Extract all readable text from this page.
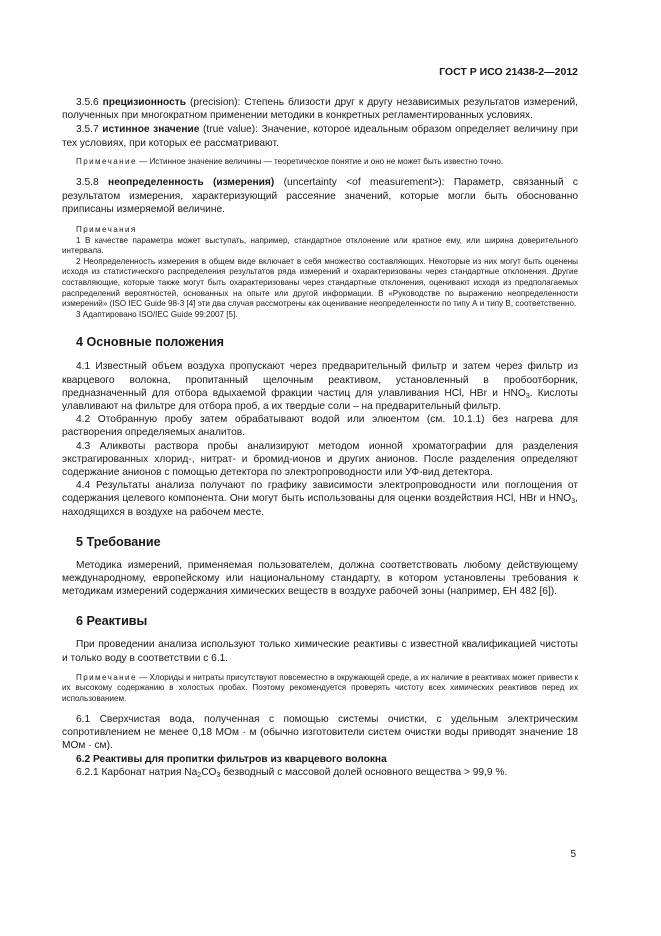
ГОСТ Р ИСО 21438-2—2012

3.5.6 прецизионность (precision): Степень близости друг к другу независимых результатов измерений, полученных при многократном применении методики в конкретных регламентированных условиях.

3.5.7 истинное значение (true value): Значение, которое идеальным образом определяет величину при тех условиях, при которых ее рассматривают.

Примечание — Истинное значение величины — теоретическое понятие и оно не может быть известно точно.

3.5.8 неопределенность (измерения) (uncertainty <of measurement>): Параметр, связанный с результатом измерения, характеризующий рассеяние значений, которые могли быть обоснованно приписаны измеряемой величине.

Примечания

1 В качестве параметра может выступать, например, стандартное отклонение или кратное ему, или ширина доверительного интервала.

2 Неопределенность измерения в общем виде включает в себя множество составляющих. Некоторые из них могут быть оценены исходя из статистического распределения результатов ряда измерений и охарактеризованы через стандартные отклонения. Другие составляющие, которые также могут быть охарактеризованы через стандартные отклонения, оценивают исходя из предполагаемых распределений вероятностей, основанных на опыте или другой информации. В «Руководстве по выражению неопределенности измерений» (ISO IEC Guide 98-3 [4] эти два случая рассмотрены как оценивание неопределенности по типу А и типу В, соответственно.

3 Адаптировано ISO/IEC Guide 99:2007 [5].

4 Основные положения

4.1 Известный объем воздуха пропускают через предварительный фильтр и затем через фильтр из кварцевого волокна, пропитанный щелочным реактивом, установленный в пробоотборник, предназначенный для отбора вдыхаемой фракции частиц для улавливания HCl, HBr и $HNO_3$. Кислоты улавливают на фильтре для отбора проб, а их твердые соли – на предварительный фильтр.

4.2 Отобранную пробу затем обрабатывают водой или элюентом (см. 10.1.1) без нагрева для растворения определяемых аналитов.

4.3 Аликвоты раствора пробы анализируют методом ионной хроматографии для разделения экстрагированных хлорид-, нитрат- и бромид-ионов и других анионов. После разделения определяют содержание анионов с помощью детектора по электропроводности или УФ-вид детектора.

4.4 Результаты анализа получают по графику зависимости электропроводности или поглощения от содержания целевого компонента. Они могут быть использованы для оценки воздействия HCl, HBr и $HNO_3$, находящихся в воздухе на рабочем месте.

5 Требование

Методика измерений, применяемая пользователем, должна соответствовать любому действующему международному, европейскому или национальному стандарту, в котором установлены требования к методикам измерений содержания химических веществ в воздухе рабочей зоны (например, ЕН 482 [6]).

6 Реактивы

При проведении анализа используют только химические реактивы с известной квалификацией чистоты и только воду в соответствии с 6.1.

Примечание — Хлориды и нитраты присутствуют повсеместно в окружающей среде, а их наличие в реактивах может привести к их высокому содержанию в холостых пробах. Поэтому рекомендуется проверять чистоту всех химических реактивов перед их использованием.

6.1 Сверхчистая вода, полученная с помощью системы очистки, с удельным электрическим сопротивлением не менее 0,18 МОм · м (обычно изготовители систем очистки воды приводят значение 18 МОм · см).

6.2 Реактивы для пропитки фильтров из кварцевого волокна

6.2.1 Карбонат натрия $Na_2CO_3$ безводный с массовой долей основного вещества > 99,9 %.

5
